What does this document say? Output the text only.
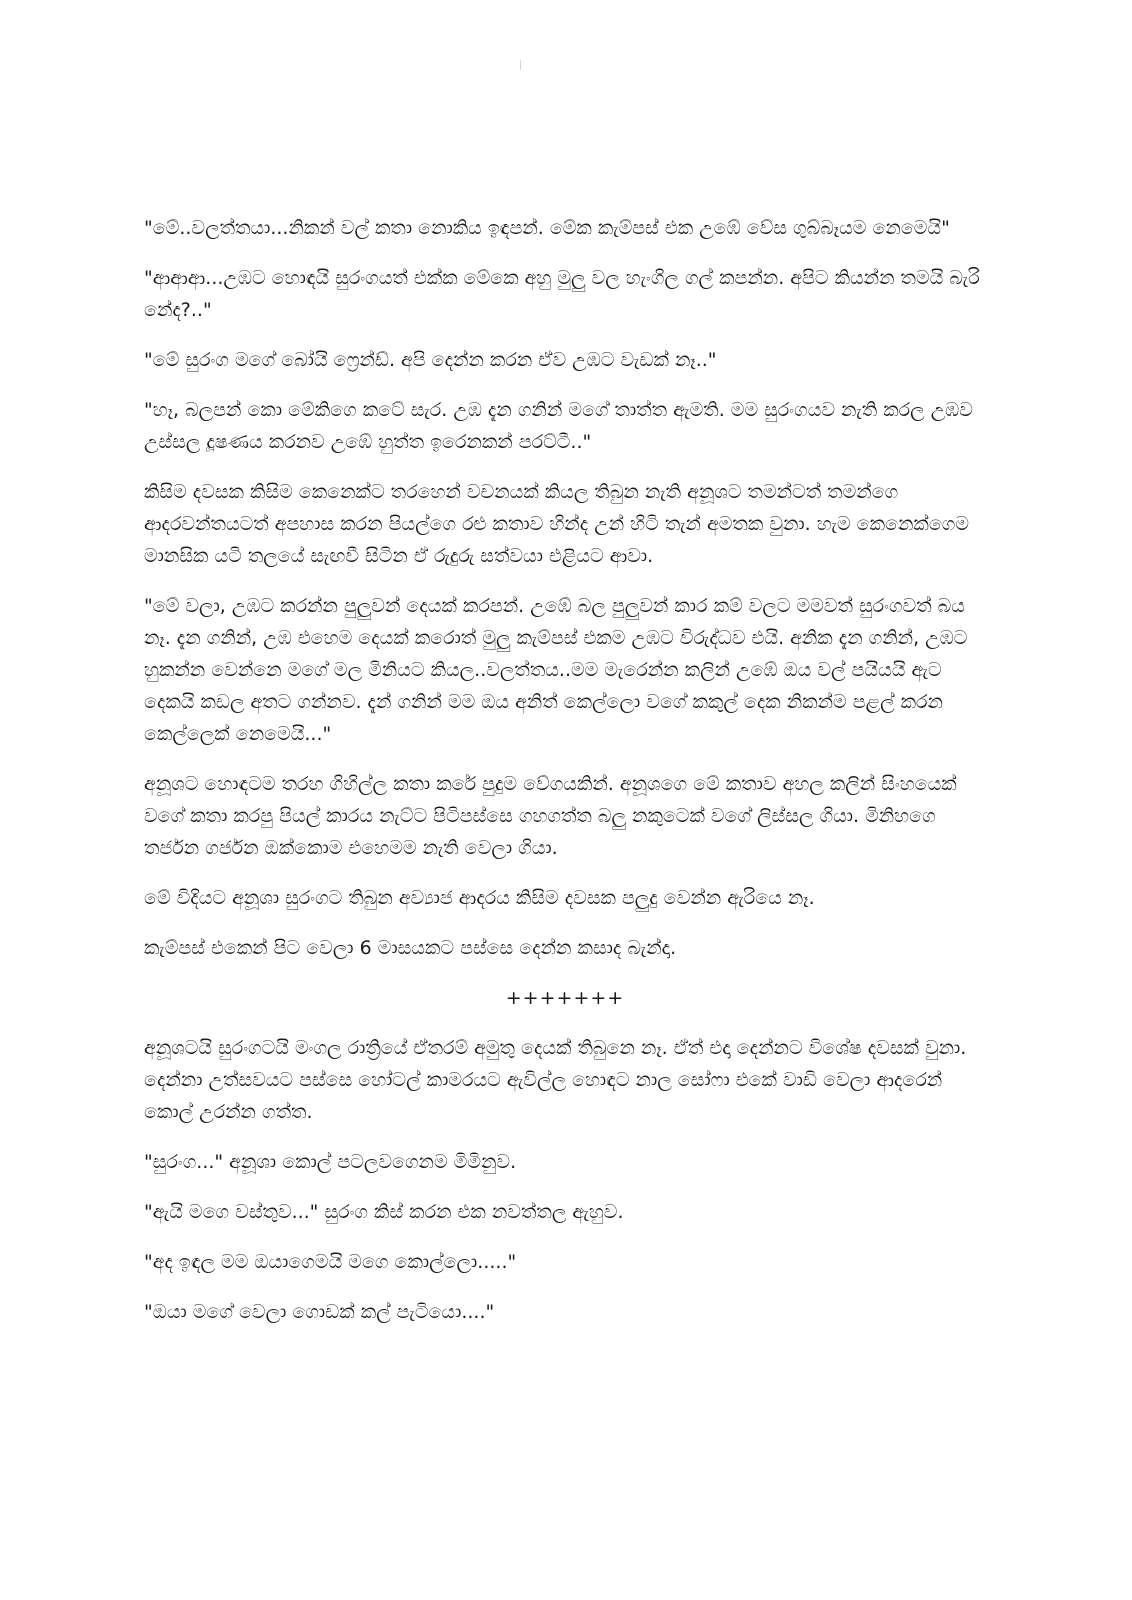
"මේ..වලත්තයා...නිකන් වල් කතා නොකිය ඉඳපන්. මේක කැම්පස් එක උඹේ වේස ගුබ්බෑයම නෙමෙයි"

"ආආආ...උඹට හොඳයි සුරංගයත් එක්ක මේකෙ අහු මුලු වල හැංගිල ගල් කපන්න. අපිට කියන්න තමයි බැරි නේද?.."

"මේ සුරංග මගේ බෝයි ෆ්‍රෙන්ඩ්. අපි දෙන්න කරන ඒව උඹට වැඩක් නෑ.."

"හෑ, බලපන් කො මේකිගෙ කටේ සැර. උඹ දැන ගනින් මගේ තාත්ත ඇමති. මම සුරංගයව නැති කරල උඹව උස්සල දූෂණය කරනව උඹේ හුත්ත ඉරෙනකන් පරට්ටී.."

කිසිම දවසක කිසිම කෙනෙක්ට තරහෙන් වචනයක් කියල තිබුන නැති අනූශට තමන්ටත් තමන්ගෙ ආදරවන්තයටත් අපහාස කරන පියල්ගෙ රළු කතාව හින්ද උන් හිටි තැන් අමතක වුනා. හැම කෙනෙක්ගෙම මානසික යටි තලයේ සැඟවී සිටින ඒ රුදුරු සත්වයා එළියට ආවා.

"මේ වලා, උඹට කරන්න පුලුවන් දෙයක් කරපන්. උඹේ බල පුලුවන් කාර කම් වලට මමවත් සුරංගවත් බය නෑ. දැන ගනින්, උඹ එහෙම දෙයක් කරොත් මුලු කැම්පස් එකම උඹට විරුද්ධව එයි. අනික දැන ගනින්, උඹට හුකන්න වෙන්නෙ මගේ මල මිනියට කියල..වලත්තය..මම මැරෙන්න කලින් උඹේ ඔය වල් පයියයි ඇට දෙකයි කඩල අතට ගන්නව. දැන් ගනින් මම ඔය අනිත් කෙල්ලො වගේ කකුල් දෙක නිකන්ම පළල් කරන කෙල්ලෙක් නෙමෙයි..."

අනූශට හොඳටම තරහ ගිහිල්ල කතා කරේ පුදුම වේගයකින්. අනූශගෙ මේ කතාව අහල කලින් සිංහයෙක් වගේ කතා කරපු පියල් කාරය නැට්ට පිටිපස්සෙ ගහගත්ත බලු නකුටෙක් වගේ ලිස්සල ගියා. මිනිහගෙ තර්ජන ගර්ජන ඔක්කොම එහෙමම නැති වෙලා ගියා.

මේ විදියට අනූශා සුරංගට තිබුන අව්‍යාජ ආදරය කිසිම දවසක පලුදු වෙන්න ඇරියෙ නෑ.

කැම්පස් එකෙන් පිට වෙලා 6 මාසයකට පස්සෙ දෙන්න කසාද බැන්දා.

+++++++

අනූශටයි සුරංගටයි මංගල රාත්‍රියේ ඒතරම් අමුතු දෙයක් තිබුනෙ නෑ. ඒත් එදා දෙන්නට විශේෂ දවසක් වුනා. දෙන්නා උත්සවයට පස්සෙ හෝටල් කාමරයට ඇවිල්ල හොඳට නාල සෝෆා එකේ වාඩි වෙලා ආදරෙන් කොල් උරන්න ගත්ත.

"සුරංග..." අනූශා කොල් පටලවගෙනම මිමිනුව.

"ඇයි මගෙ වස්තුව..." සුරංග කිස් කරන එක නවත්තල ඇහුව.

"අද ඉඳල මම ඔයාගෙමයි මගෙ කොල්ලො....."

"ඔයා මගේ වෙලා ගොඩක් කල් පැටියො...."
